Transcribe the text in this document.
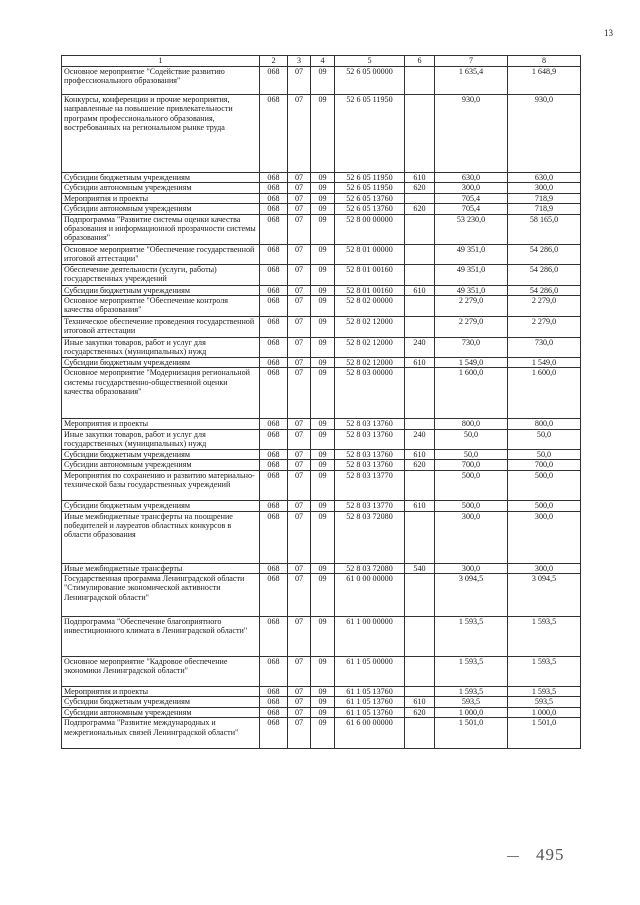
13
1	2	3	4	5	6	7	8
Основное мероприятие "Содействие развитию профессионального образования"	068	07	09	52 6 05 00000		1 635,4	1 648,9
Конкурсы, конференции и прочие мероприятия, направленные на повышение привлекательности программ профессионального образования, востребованных на региональном рынке труда	068	07	09	52 6 05 11950		930,0	930,0
Субсидии бюджетным учреждениям	068	07	09	52 6 05 11950	610	630,0	630,0
Субсидии автономным учреждениям	068	07	09	52 6 05 11950	620	300,0	300,0
Мероприятия и проекты	068	07	09	52 6 05 13760		705,4	718,9
Субсидии автономным учреждениям	068	07	09	52 6 05 13760	620	705,4	718,9
Подпрограмма "Развитие системы оценки качества образования и информационной прозрачности системы образования"	068	07	09	52 8 00 00000		53 230,0	58 165,0
Основное мероприятие "Обеспечение государственной итоговой аттестации"	068	07	09	52 8 01 00000		49 351,0	54 286,0
Обеспечение деятельности (услуги, работы) государственных учреждений	068	07	09	52 8 01 00160		49 351,0	54 286,0
Субсидии бюджетным учреждениям	068	07	09	52 8 01 00160	610	49 351,0	54 286,0
Основное мероприятие "Обеспечение контроля качества образования"	068	07	09	52 8 02 00000		2 279,0	2 279,0
Техническое обеспечение проведения государственной итоговой аттестации	068	07	09	52 8 02 12000		2 279,0	2 279,0
Иные закупки товаров, работ и услуг для государственных (муниципальных) нужд	068	07	09	52 8 02 12000	240	730,0	730,0
Субсидии бюджетным учреждениям	068	07	09	52 8 02 12000	610	1 549,0	1 549,0
Основное мероприятие "Модернизация региональной системы государственно-общественной оценки качества образования"	068	07	09	52 8 03 00000		1 600,0	1 600,0
Мероприятия и проекты	068	07	09	52 8 03 13760		800,0	800,0
Иные закупки товаров, работ и услуг для государственных (муниципальных) нужд	068	07	09	52 8 03 13760	240	50,0	50,0
Субсидии бюджетным учреждениям	068	07	09	52 8 03 13760	610	50,0	50,0
Субсидии автономным учреждениям	068	07	09	52 8 03 13760	620	700,0	700,0
Мероприятия по сохранению и развитию материально-технической базы государственных учреждений	068	07	09	52 8 03 13770		500,0	500,0
Субсидии бюджетным учреждениям	068	07	09	52 8 03 13770	610	500,0	500,0
Иные межбюджетные трансферты на поощрение победителей и лауреатов областных конкурсов в области образования	068	07	09	52 8 03 72080		300,0	300,0
Иные межбюджетные трансферты	068	07	09	52 8 03 72080	540	300,0	300,0
Государственная программа Ленинградской области "Стимулирование экономической активности Ленинградской области"	068	07	09	61 0 00 00000		3 094,5	3 094,5
Подпрограмма "Обеспечение благоприятного инвестиционного климата в Ленинградской области"	068	07	09	61 1 00 00000		1 593,5	1 593,5
Основное мероприятие "Кадровое обеспечение экономики Ленинградской области"	068	07	09	61 1 05 00000		1 593,5	1 593,5
Мероприятия и проекты	068	07	09	61 1 05 13760		1 593,5	1 593,5
Субсидии бюджетным учреждениям	068	07	09	61 1 05 13760	610	593,5	593,5
Субсидии автономным учреждениям	068	07	09	61 1 05 13760	620	1 000,0	1 000,0
Подпрограмма "Развитие международных и межрегиональных связей Ленинградской области"	068	07	09	61 6 00 00000		1 501,0	1 501,0
495
